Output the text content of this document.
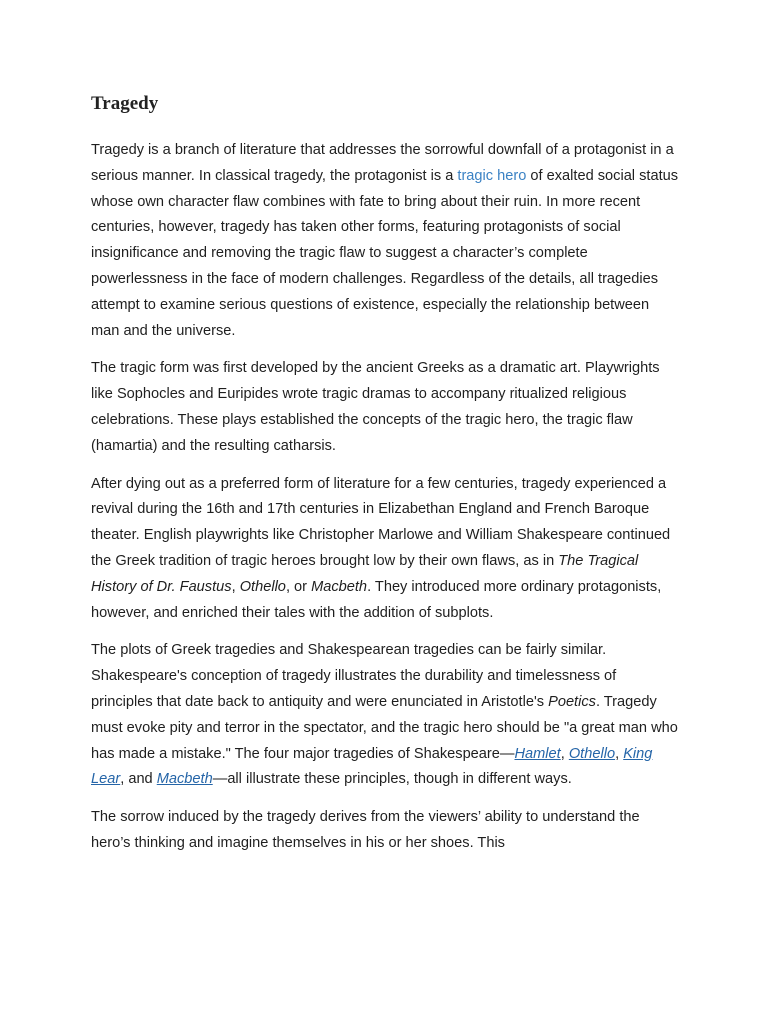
Tragedy

Tragedy is a branch of literature that addresses the sorrowful downfall of a protagonist in a serious manner. In classical tragedy, the protagonist is a tragic hero of exalted social status whose own character flaw combines with fate to bring about their ruin. In more recent centuries, however, tragedy has taken other forms, featuring protagonists of social insignificance and removing the tragic flaw to suggest a character’s complete powerlessness in the face of modern challenges. Regardless of the details, all tragedies attempt to examine serious questions of existence, especially the relationship between man and the universe.

The tragic form was first developed by the ancient Greeks as a dramatic art. Playwrights like Sophocles and Euripides wrote tragic dramas to accompany ritualized religious celebrations. These plays established the concepts of the tragic hero, the tragic flaw (hamartia) and the resulting catharsis.

After dying out as a preferred form of literature for a few centuries, tragedy experienced a revival during the 16th and 17th centuries in Elizabethan England and French Baroque theater. English playwrights like Christopher Marlowe and William Shakespeare continued the Greek tradition of tragic heroes brought low by their own flaws, as in The Tragical History of Dr. Faustus, Othello, or Macbeth. They introduced more ordinary protagonists, however, and enriched their tales with the addition of subplots.

The plots of Greek tragedies and Shakespearean tragedies can be fairly similar. Shakespeare's conception of tragedy illustrates the durability and timelessness of principles that date back to antiquity and were enunciated in Aristotle's Poetics. Tragedy must evoke pity and terror in the spectator, and the tragic hero should be "a great man who has made a mistake." The four major tragedies of Shakespeare—Hamlet, Othello, King Lear, and Macbeth—all illustrate these principles, though in different ways.

The sorrow induced by the tragedy derives from the viewers’ ability to understand the hero’s thinking and imagine themselves in his or her shoes. This
